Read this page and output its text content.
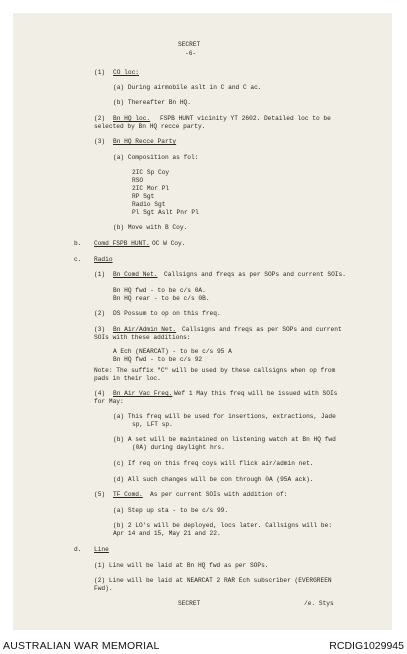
SECRET
-6-
(1) CO loc:
(a) During airmobile aslt in C and C ac.
(b) Thereafter Bn HQ.
(2) Bn HQ loc. FSPB HUNT vicinity YT 2602. Detailed loc to be
selected by Bn HQ recce party.
(3) Bn HQ Recce Party
(a) Composition as fol:
2IC Sp Coy
RSO
2IC Mor Pl
RP Sgt
Radio Sgt
Pl Sgt Aslt Pnr Pl
(b) Move with B Coy.
b. Comd FSPB HUNT. OC W Coy.
c. Radio
(1) Bn Comd Net. Callsigns and freqs as per SOPs and current SOIs.
Bn HQ fwd - to be c/s 0A.
Bn HQ rear - to be c/s 0B.
(2) DS Possum to op on this freq.
(3) Bn Air/Admin Net. Callsigns and freqs as per SOPs and current
SOIs with these additions:
A Ech (NEARCAT) - to be c/s 95 A
Bn HQ fwd - to be c/s 92
Note: The suffix "C" will be used by these callsigns when op from
pads in their loc.
(4) Bn Air Vac Freq. Wef 1 May this freq will be issued with SOIs
for May:
(a) This freq will be used for insertions, extractions, Jade
sp, LFT sp.
(b) A set will be maintained on listening watch at Bn HQ fwd
(0A) during daylight hrs.
(c) If req on this freq coys will flick air/admin net.
(d) All such changes will be con through 0A (95A ack).
(5) TF Comd. As per current SOIs with addition of:
(a) Step up sta - to be c/s 99.
(b) 2 LO's will be deployed, locs later. Callsigns will be:
Apr 14 and 15, May 21 and 22.
d. Line
(1) Line will be laid at Bn HQ fwd as per SOPs.
(2) Line will be laid at NEARCAT 2 RAR Ech subscriber (EVERGREEN
Fwd).
SECRET	/e. Stys
AUSTRALIAN WAR MEMORIAL	RCDIG1029945
